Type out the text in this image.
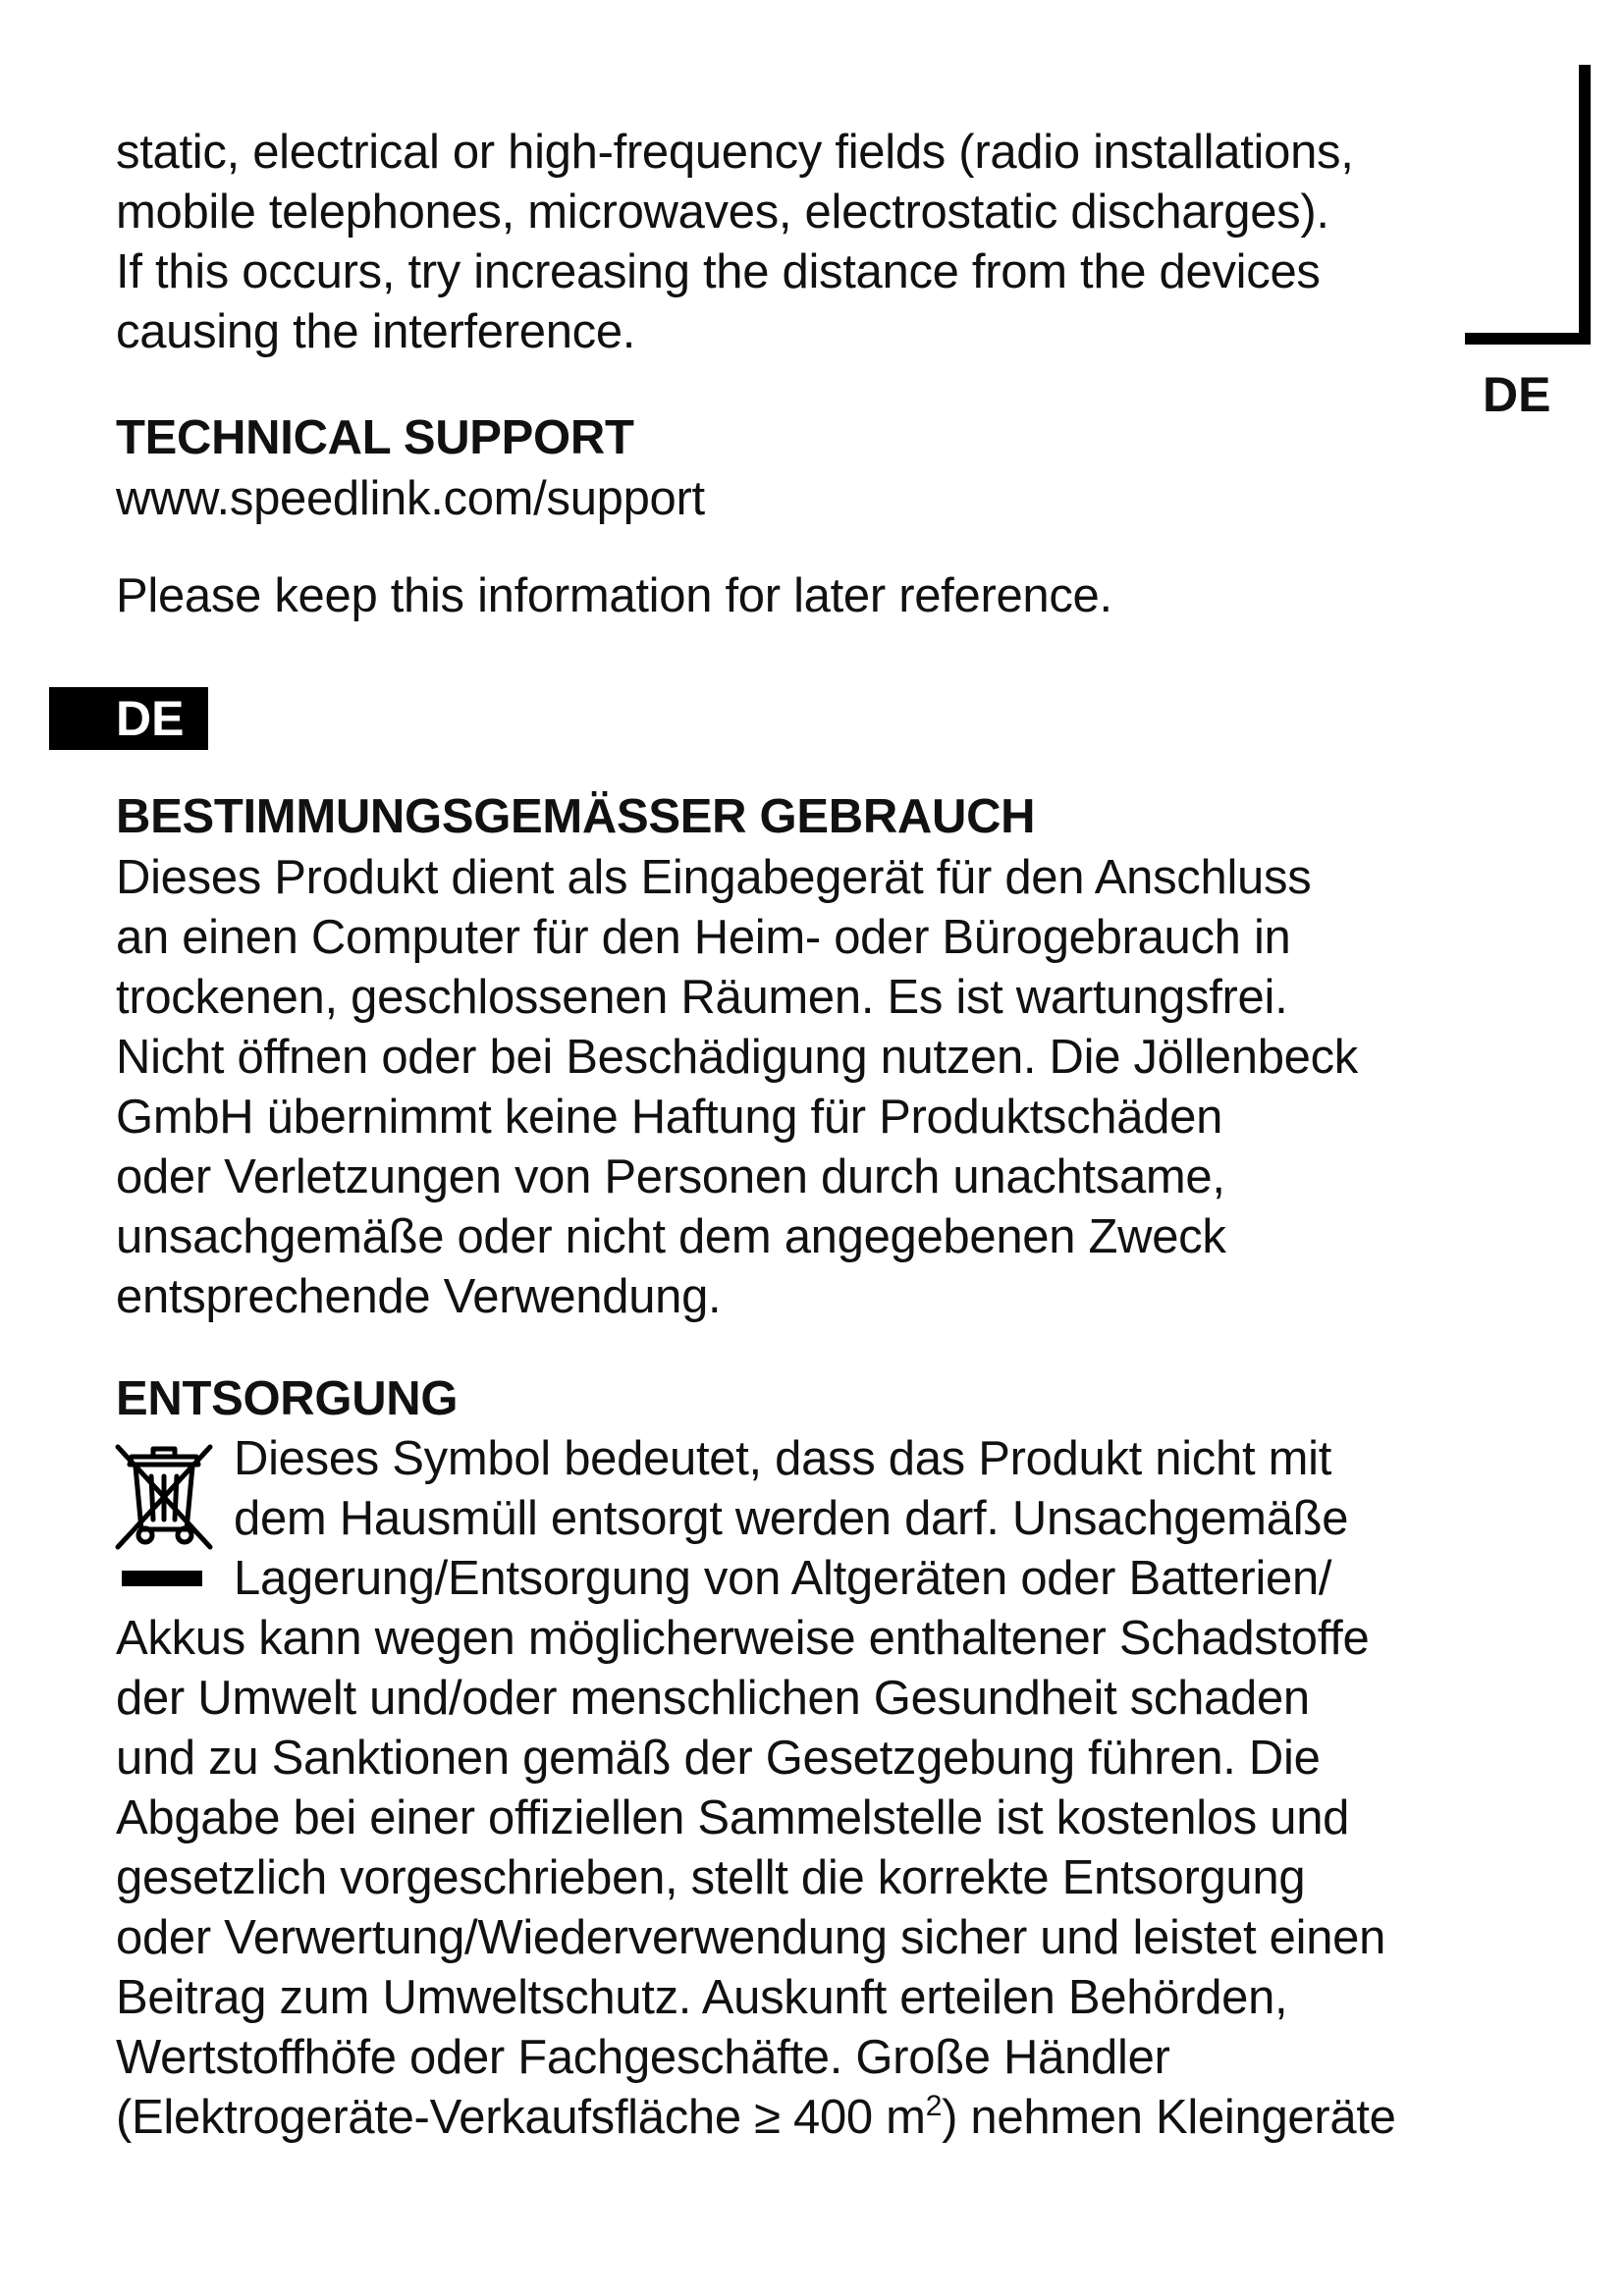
DE

static, electrical or high-frequency fields (radio installations,
mobile telephones, microwaves, electrostatic discharges).
If this occurs, try increasing the distance from the devices
causing the interference.

TECHNICAL SUPPORT

www.speedlink.com/support

Please keep this information for later reference.

DE

BESTIMMUNGSGEMÄSSER GEBRAUCH

Dieses Produkt dient als Eingabegerät für den Anschluss
an einen Computer für den Heim- oder Bürogebrauch in
trockenen, geschlossenen Räumen. Es ist wartungsfrei.
Nicht öffnen oder bei Beschädigung nutzen. Die Jöllenbeck
GmbH übernimmt keine Haftung für Produktschäden
oder Verletzungen von Personen durch unachtsame,
unsachgemäße oder nicht dem angegebenen Zweck
entsprechende Verwendung.

ENTSORGUNG

Dieses Symbol bedeutet, dass das Produkt nicht mit
dem Hausmüll entsorgt werden darf. Unsachgemäße
Lagerung/Entsorgung von Altgeräten oder Batterien/
Akkus kann wegen möglicherweise enthaltener Schadstoffe
der Umwelt und/oder menschlichen Gesundheit schaden
und zu Sanktionen gemäß der Gesetzgebung führen. Die
Abgabe bei einer offiziellen Sammelstelle ist kostenlos und
gesetzlich vorgeschrieben, stellt die korrekte Entsorgung
oder Verwertung/Wiederverwendung sicher und leistet einen
Beitrag zum Umweltschutz. Auskunft erteilen Behörden,
Wertstoffhöfe oder Fachgeschäfte. Große Händler
(Elektrogeräte-Verkaufsfläche ≥ 400 $m^2$) nehmen Kleingeräte
